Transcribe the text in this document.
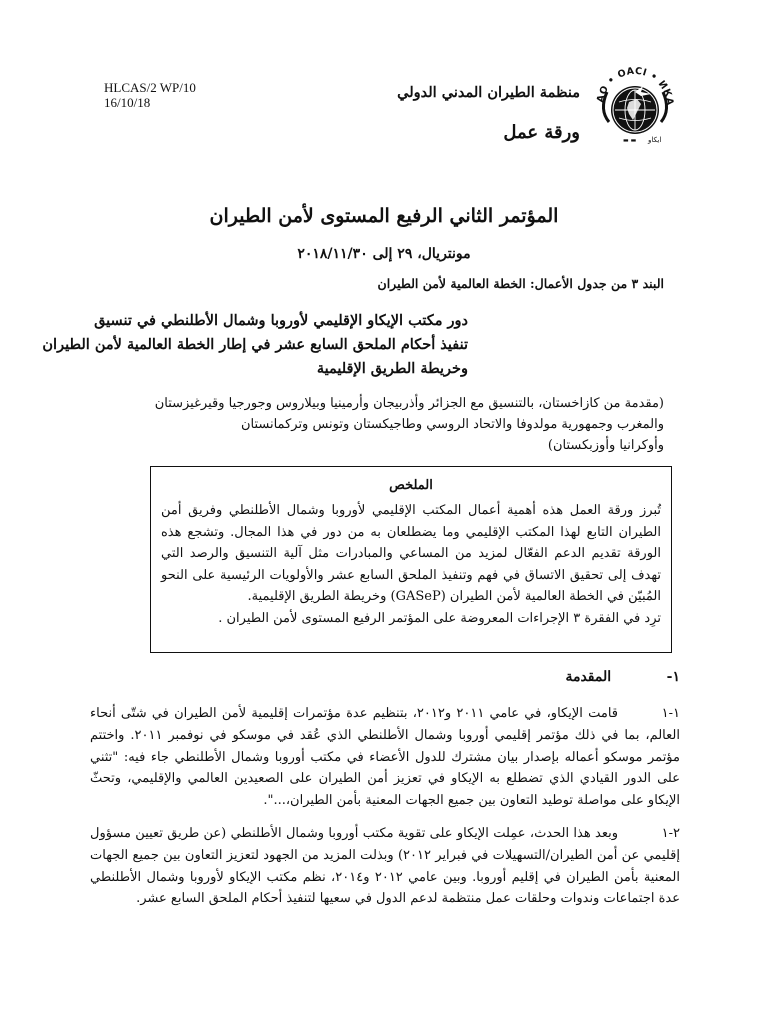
HLCAS/2 WP/10
16/10/18	AO • OACI • ИКА
▬ ▬ ﺍﻳﻜﺎﻭ
منظمة الطيران المدني الدولي
ورقة عمل
المؤتمر الثاني الرفيع المستوى لأمن الطيران
مونتريال، ٢٩ إلى ٢٠١٨/١١/٣٠
البند ٣ من جدول الأعمال: الخطة العالمية لأمن الطيران
دور مكتب الإيكاو الإقليمي لأوروبا وشمال الأطلنطي في تنسيق
تنفيذ أحكام الملحق السابع عشر في إطار الخطة العالمية لأمن الطيران
وخريطة الطريق الإقليمية
(مقدمة من كازاخستان، بالتنسيق مع الجزائر وأذربيجان وأرمينيا وبيلاروس وجورجيا وقيرغيزستان
والمغرب وجمهورية مولدوفا والاتحاد الروسي وطاجيكستان وتونس وتركمانستان
وأوكرانيا وأوزبكستان)
الملخص
تُبرز ورقة العمل هذه أهمية أعمال المكتب الإقليمي لأوروبا وشمال الأطلنطي وفريق أمن الطيران التابع لهذا المكتب الإقليمي وما يضطلعان به من دور في هذا المجال. وتشجع هذه الورقة تقديم الدعم الفعّال لمزيد من المساعي والمبادرات مثل آلية التنسيق والرصد التي تهدف إلى تحقيق الاتساق في فهم وتنفيذ الملحق السابع عشر والأولويات الرئيسية على النحو المُبيّن في الخطة العالمية لأمن الطيران (GASeP) وخريطة الطريق الإقليمية.
ترِد في الفقرة ٣ الإجراءات المعروضة على المؤتمر الرفيع المستوى لأمن الطيران .
١- المقدمة
١-١قامت الإيكاو، في عامي ٢٠١١ و٢٠١٢، بتنظيم عدة مؤتمرات إقليمية لأمن الطيران في شتّى أنحاء العالم، بما في ذلك مؤتمر إقليمي أوروبا وشمال الأطلنطي الذي عُقد في موسكو في نوفمبر ٢٠١١. واختتم مؤتمر موسكو أعماله بإصدار بيان مشترك للدول الأعضاء في مكتب أوروبا وشمال الأطلنطي جاء فيه: "تثني على الدور القيادي الذي تضطلع به الإيكاو في تعزيز أمن الطيران على الصعيدين العالمي والإقليمي، وتحثّ الإيكاو على مواصلة توطيد التعاون بين جميع الجهات المعنية بأمن الطيران،...".
٢-١وبعد هذا الحدث، عمِلت الإيكاو على تقوية مكتب أوروبا وشمال الأطلنطي (عن طريق تعيين مسؤول إقليمي عن أمن الطيران/التسهيلات في فبراير ٢٠١٢) وبذلت المزيد من الجهود لتعزيز التعاون بين جميع الجهات المعنية بأمن الطيران في إقليم أوروبا. وبين عامي ٢٠١٢ و٢٠١٤، نظم مكتب الإيكاو لأوروبا وشمال الأطلنطي عدة اجتماعات وندوات وحلقات عمل منتظمة لدعم الدول في سعيها لتنفيذ أحكام الملحق السابع عشر.
